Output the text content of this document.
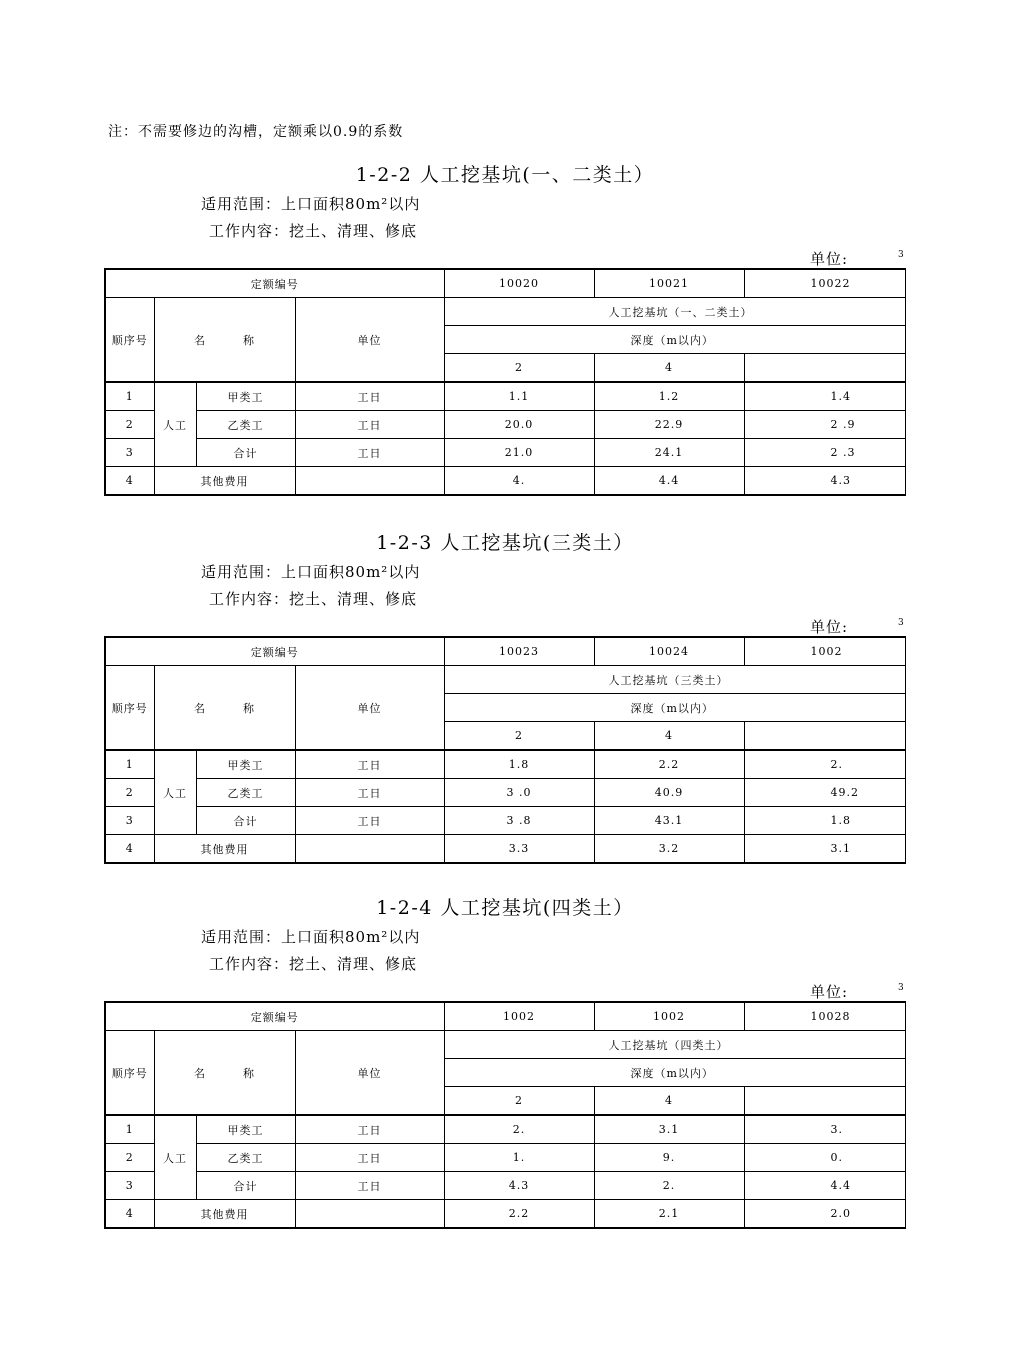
注：不需要修边的沟槽，定额乘以0.9的系数
1-2-2 人工挖基坑(一、二类土）
适用范围：上口面积80m²以内
工作内容：挖土、清理、修底
单位:	3
定额编号				10020	10021	10022
顺序号	名 称		单位	人工挖基坑（一、二类土）		
				深度（m以内）		
				2	4	
1	人工	甲类工	工日	1.1	1.2	1.4
2		乙类工	工日	20.0	22.9	2 .9
3		合计	工日	21.0	24.1	2 .3
4	其他费用			4.	4.4	4.3
1-2-3 人工挖基坑(三类土）
适用范围：上口面积80m²以内
工作内容：挖土、清理、修底
单位:	3
定额编号				10023	10024	1002
顺序号	名 称		单位	人工挖基坑（三类土）		
				深度（m以内）		
				2	4	
1	人工	甲类工	工日	1.8	2.2	2.
2		乙类工	工日	3 .0	40.9	49.2
3		合计	工日	3 .8	43.1	1.8
4	其他费用			3.3	3.2	3.1
1-2-4 人工挖基坑(四类土）
适用范围：上口面积80m²以内
工作内容：挖土、清理、修底
单位:	3
定额编号				1002	1002	10028
顺序号	名 称		单位	人工挖基坑（四类土）		
				深度（m以内）		
				2	4	
1	人工	甲类工	工日	2.	3.1	3.
2		乙类工	工日	1.	9.	0.
3		合计	工日	4.3	2.	4.4
4	其他费用			2.2	2.1	2.0
